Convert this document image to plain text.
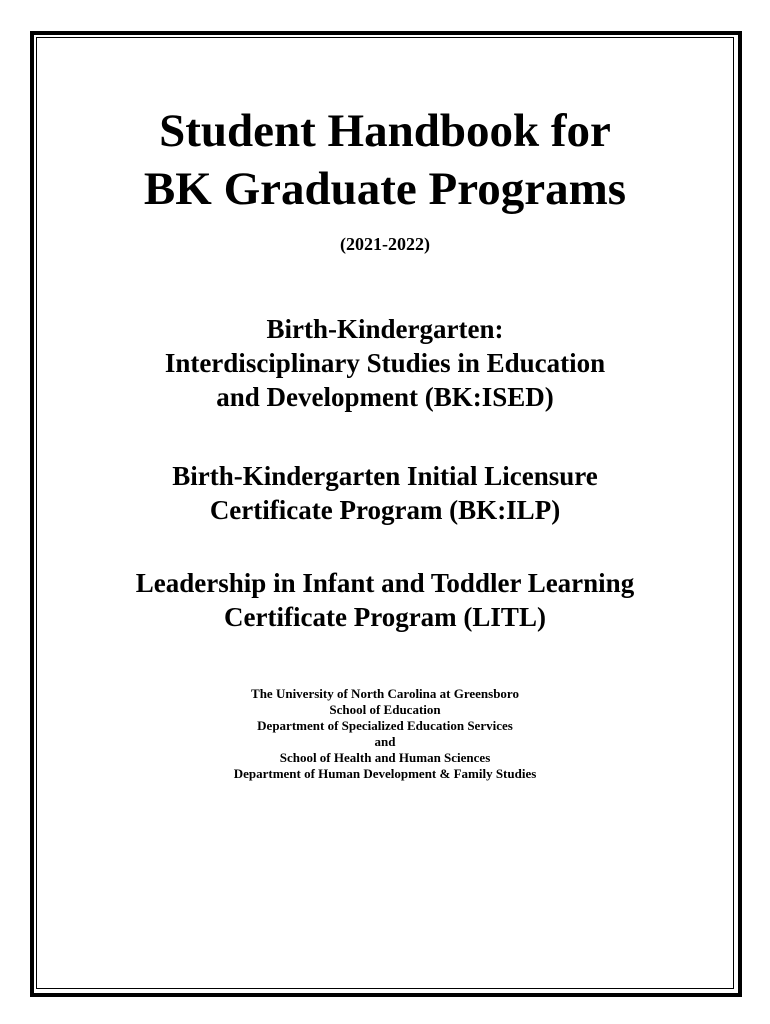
Student Handbook for
BK Graduate Programs
(2021-2022)
Birth-Kindergarten:
Interdisciplinary Studies in Education
and Development (BK:ISED)
Birth-Kindergarten Initial Licensure
Certificate Program (BK:ILP)
Leadership in Infant and Toddler Learning
Certificate Program (LITL)
The University of North Carolina at Greensboro
School of Education
Department of Specialized Education Services
and
School of Health and Human Sciences
Department of Human Development & Family Studies
